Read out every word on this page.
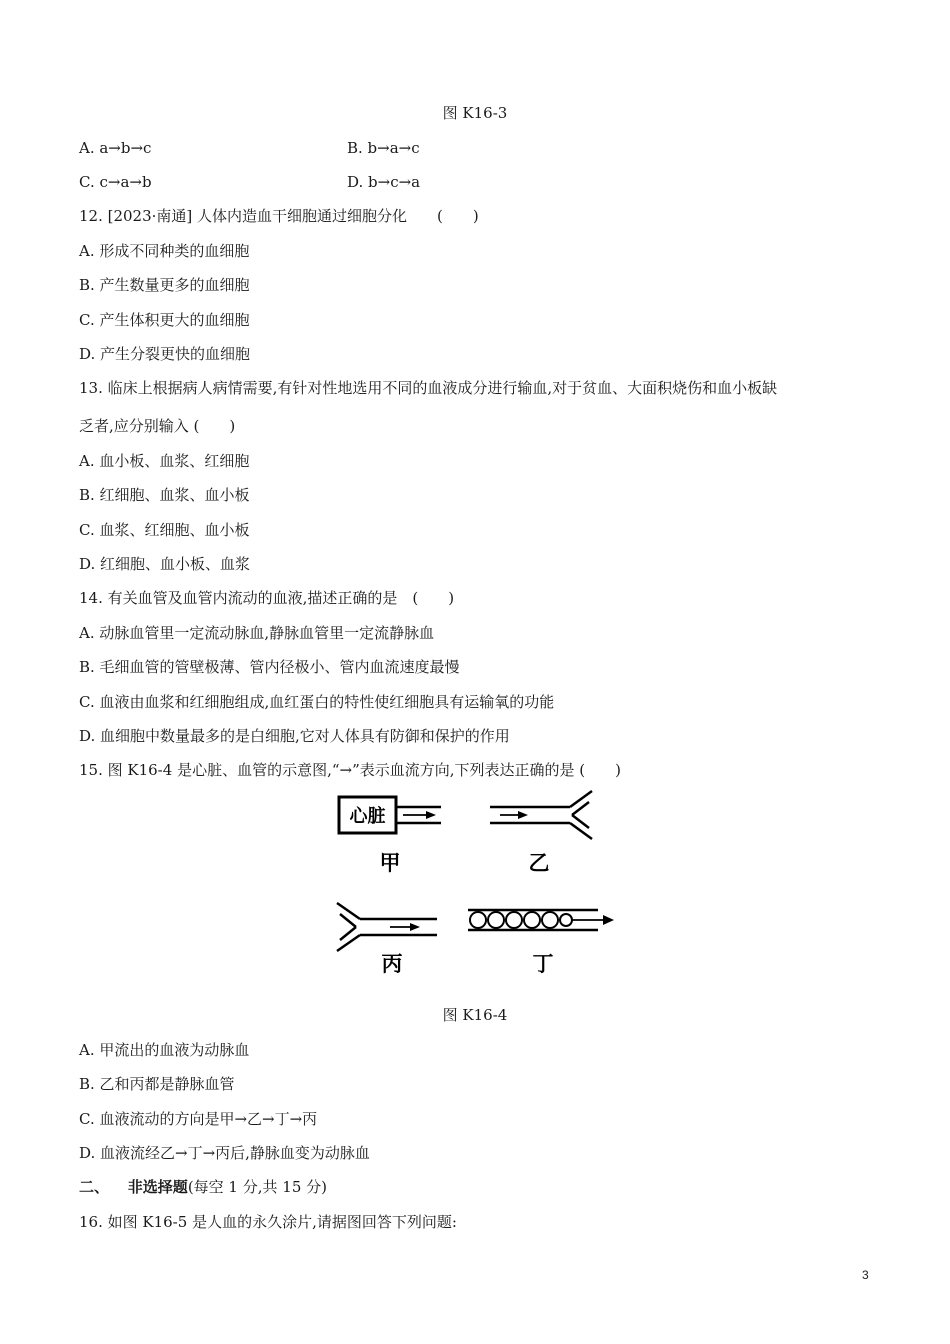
图 K16-3
A. a→b→c	B. b→a→c
C. c→a→b	D. b→c→a
12. [2023·南通] 人体内造血干细胞通过细胞分化　　(　　)
A. 形成不同种类的血细胞
B. 产生数量更多的血细胞
C. 产生体积更大的血细胞
D. 产生分裂更快的血细胞
13. 临床上根据病人病情需要,有针对性地选用不同的血液成分进行输血,对于贫血、大面积烧伤和血小板缺
乏者,应分别输入 (　　)
A. 血小板、血浆、红细胞
B. 红细胞、血浆、血小板
C. 血浆、红细胞、血小板
D. 红细胞、血小板、血浆
14. 有关血管及血管内流动的血液,描述正确的是　(　　)
A. 动脉血管里一定流动脉血,静脉血管里一定流静脉血
B. 毛细血管的管壁极薄、管内径极小、管内血流速度最慢
C. 血液由血浆和红细胞组成,血红蛋白的特性使红细胞具有运输氧的功能
D. 血细胞中数量最多的是白细胞,它对人体具有防御和保护的作用
15. 图 K16-4 是心脏、血管的示意图,“→”表示血流方向,下列表达正确的是 (　　)
心脏
甲	乙
丙	丁
图 K16-4
A. 甲流出的血液为动脉血
B. 乙和丙都是静脉血管
C. 血液流动的方向是甲→乙→丁→丙
D. 血液流经乙→丁→丙后,静脉血变为动脉血
二、 非选择题(每空 1 分,共 15 分)
16. 如图 K16-5 是人血的永久涂片,请据图回答下列问题:
3
